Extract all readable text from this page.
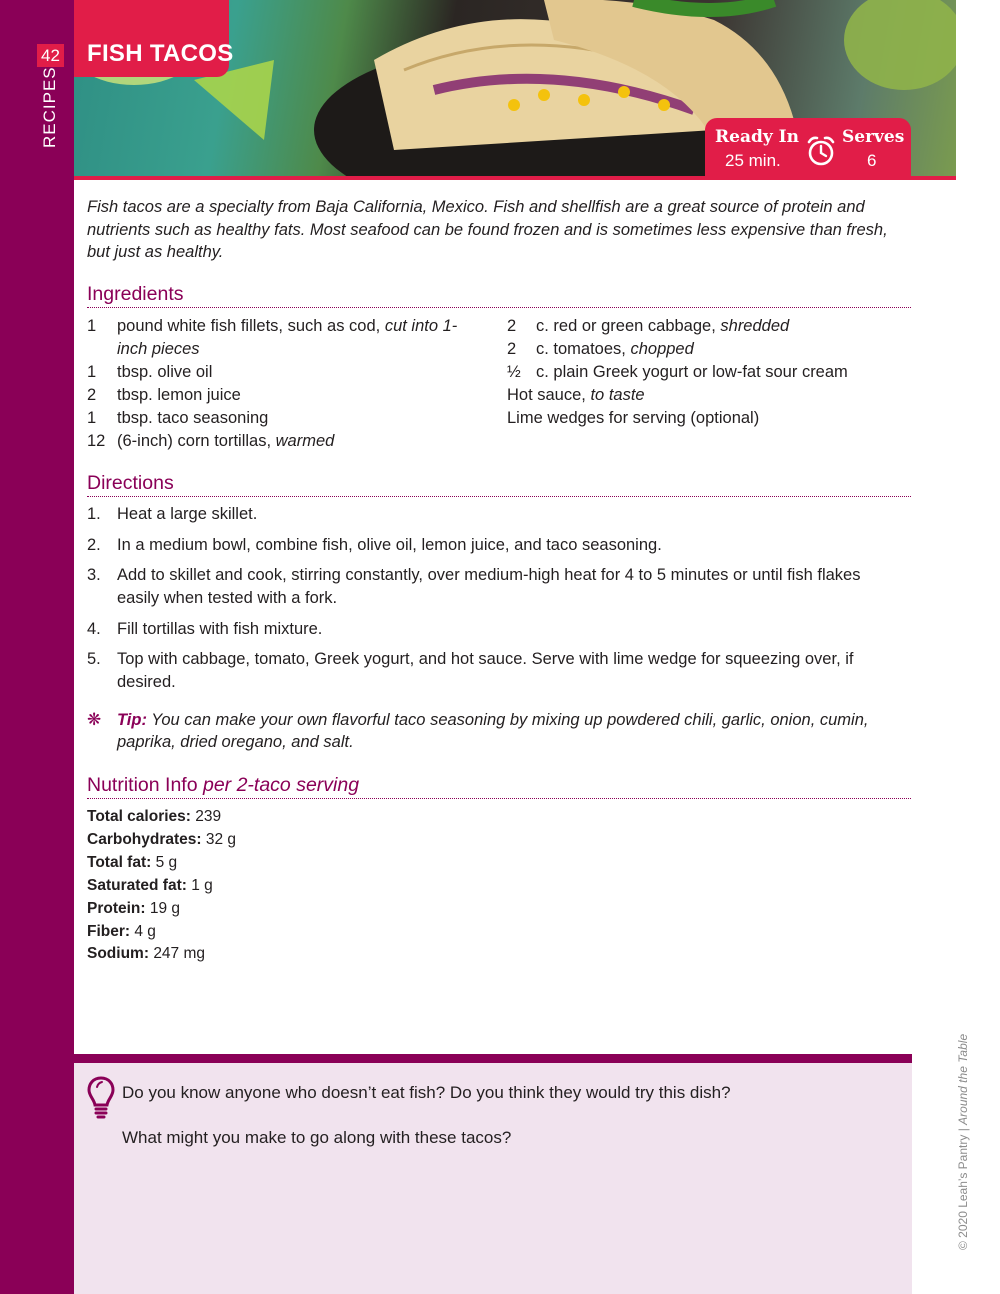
42
RECIPES
FISH TACOS
Ready In
25 min.
Serves
6

Fish tacos are a specialty from Baja California, Mexico. Fish and shellfish are a great source of protein and nutrients such as healthy fats. Most seafood can be found frozen and is sometimes less expensive than fresh, but just as healthy.

Ingredients
1	pound white fish fillets, such as cod, cut into 1-inch pieces
1	tbsp. olive oil
2	tbsp. lemon juice
1	tbsp. taco seasoning
12 (6-inch) corn tortillas, warmed
2	c. red or green cabbage, shredded
2	c. tomatoes, chopped
½ c. plain Greek yogurt or low-fat sour cream
Hot sauce, to taste
Lime wedges for serving (optional)
Directions
1. Heat a large skillet.
2. In a medium bowl, combine fish, olive oil, lemon juice, and taco seasoning.
3. Add to skillet and cook, stirring constantly, over medium-high heat for 4 to 5 minutes or until fish flakes easily when tested with a fork.
4. Fill tortillas with fish mixture.
5. Top with cabbage, tomato, Greek yogurt, and hot sauce. Serve with lime wedge for squeezing over, if desired.
❋ Tip: You can make your own flavorful taco seasoning by mixing up powdered chili, garlic, onion, cumin, paprika, dried oregano, and salt.
Nutrition Info per 2-taco serving
Total calories: 239
Carbohydrates: 32 g
Total fat: 5 g
Saturated fat: 1 g
Protein: 19 g
Fiber: 4 g
Sodium: 247 mg
© 2020 Leah’s Pantry | Around the Table
Do you know anyone who doesn’t eat fish? Do you think they would try this dish?
What might you make to go along with these tacos?
